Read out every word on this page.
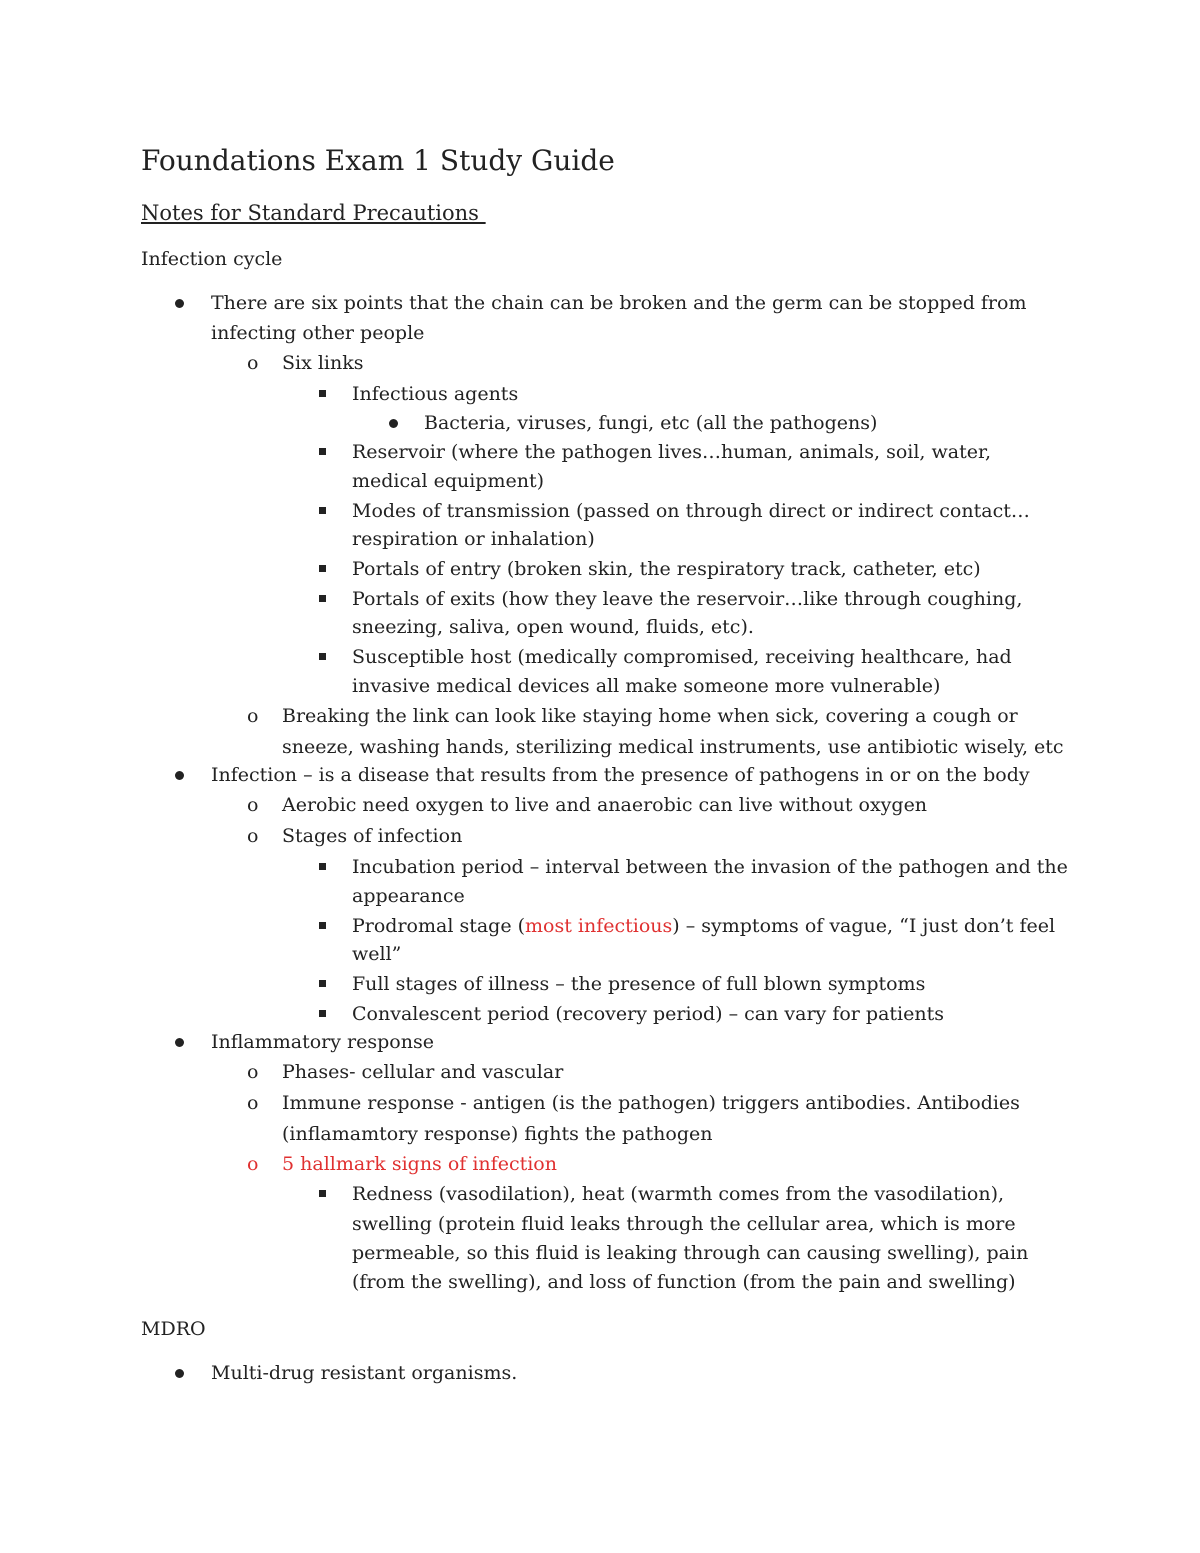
Foundations Exam 1 Study Guide
Notes for Standard Precautions
Infection cycle
There are six points that the chain can be broken and the germ can be stopped from
infecting other people
o Six links
Infectious agents
Bacteria, viruses, fungi, etc (all the pathogens)
Reservoir (where the pathogen lives…human, animals, soil, water,
medical equipment)
Modes of transmission (passed on through direct or indirect contact…
respiration or inhalation)
Portals of entry (broken skin, the respiratory track, catheter, etc)
Portals of exits (how they leave the reservoir…like through coughing,
sneezing, saliva, open wound, fluids, etc).
Susceptible host (medically compromised, receiving healthcare, had
invasive medical devices all make someone more vulnerable)
o Breaking the link can look like staying home when sick, covering a cough or
sneeze, washing hands, sterilizing medical instruments, use antibiotic wisely, etc
Infection – is a disease that results from the presence of pathogens in or on the body
o Aerobic need oxygen to live and anaerobic can live without oxygen
o Stages of infection
Incubation period – interval between the invasion of the pathogen and the
appearance
Prodromal stage (most infectious) – symptoms of vague, “I just don’t feel
well”
Full stages of illness – the presence of full blown symptoms
Convalescent period (recovery period) – can vary for patients
Inflammatory response
o Phases- cellular and vascular
o Immune response - antigen (is the pathogen) triggers antibodies. Antibodies
(inflamamtory response) fights the pathogen
o 5 hallmark signs of infection
Redness (vasodilation), heat (warmth comes from the vasodilation),
swelling (protein fluid leaks through the cellular area, which is more
permeable, so this fluid is leaking through can causing swelling), pain
(from the swelling), and loss of function (from the pain and swelling)
MDRO
Multi-drug resistant organisms.
